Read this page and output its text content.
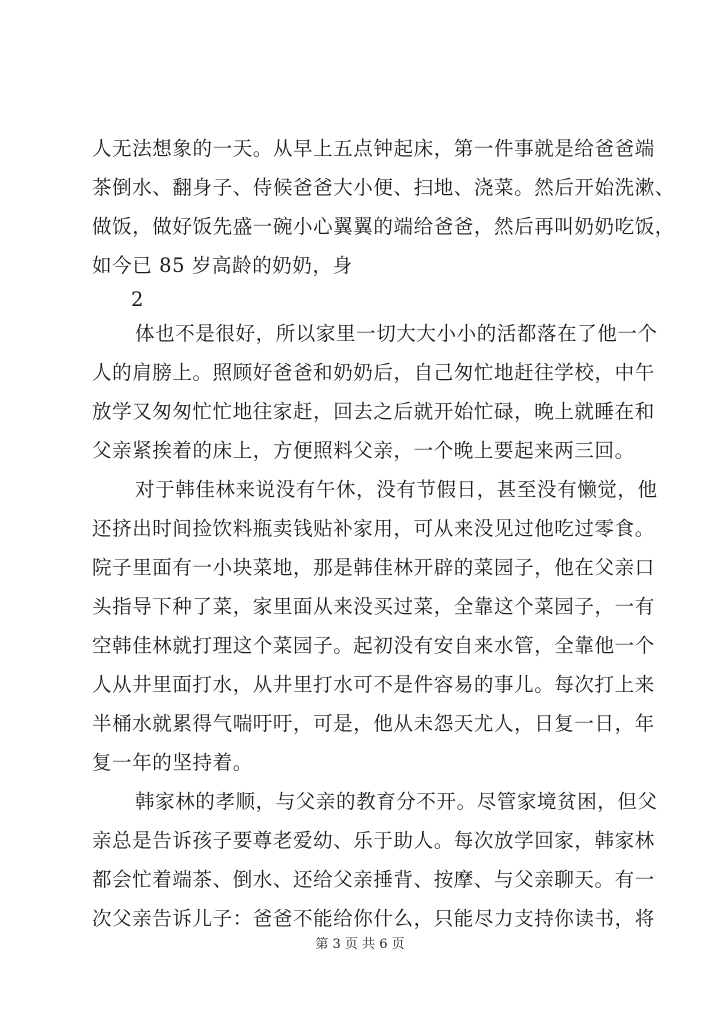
人无法想象的一天。从早上五点钟起床，第一件事就是给爸爸端
茶倒水、翻身子、侍候爸爸大小便、扫地、浇菜。然后开始洗漱、
做饭，做好饭先盛一碗小心翼翼的端给爸爸，然后再叫奶奶吃饭，
如今已 85 岁高龄的奶奶，身
2
体也不是很好，所以家里一切大大小小的活都落在了他一个
人的肩膀上。照顾好爸爸和奶奶后，自己匆忙地赶往学校，中午
放学又匆匆忙忙地往家赶，回去之后就开始忙碌，晚上就睡在和
父亲紧挨着的床上，方便照料父亲，一个晚上要起来两三回。
对于韩佳林来说没有午休，没有节假日，甚至没有懒觉，他
还挤出时间捡饮料瓶卖钱贴补家用，可从来没见过他吃过零食。
院子里面有一小块菜地，那是韩佳林开辟的菜园子，他在父亲口
头指导下种了菜，家里面从来没买过菜，全靠这个菜园子，一有
空韩佳林就打理这个菜园子。起初没有安自来水管，全靠他一个
人从井里面打水，从井里打水可不是件容易的事儿。每次打上来
半桶水就累得气喘吁吁，可是，他从未怨天尤人，日复一日，年
复一年的坚持着。
韩家林的孝顺，与父亲的教育分不开。尽管家境贫困，但父
亲总是告诉孩子要尊老爱幼、乐于助人。每次放学回家，韩家林
都会忙着端茶、倒水、还给父亲捶背、按摩、与父亲聊天。有一
次父亲告诉儿子：爸爸不能给你什么，只能尽力支持你读书，将
第 3 页 共 6 页
